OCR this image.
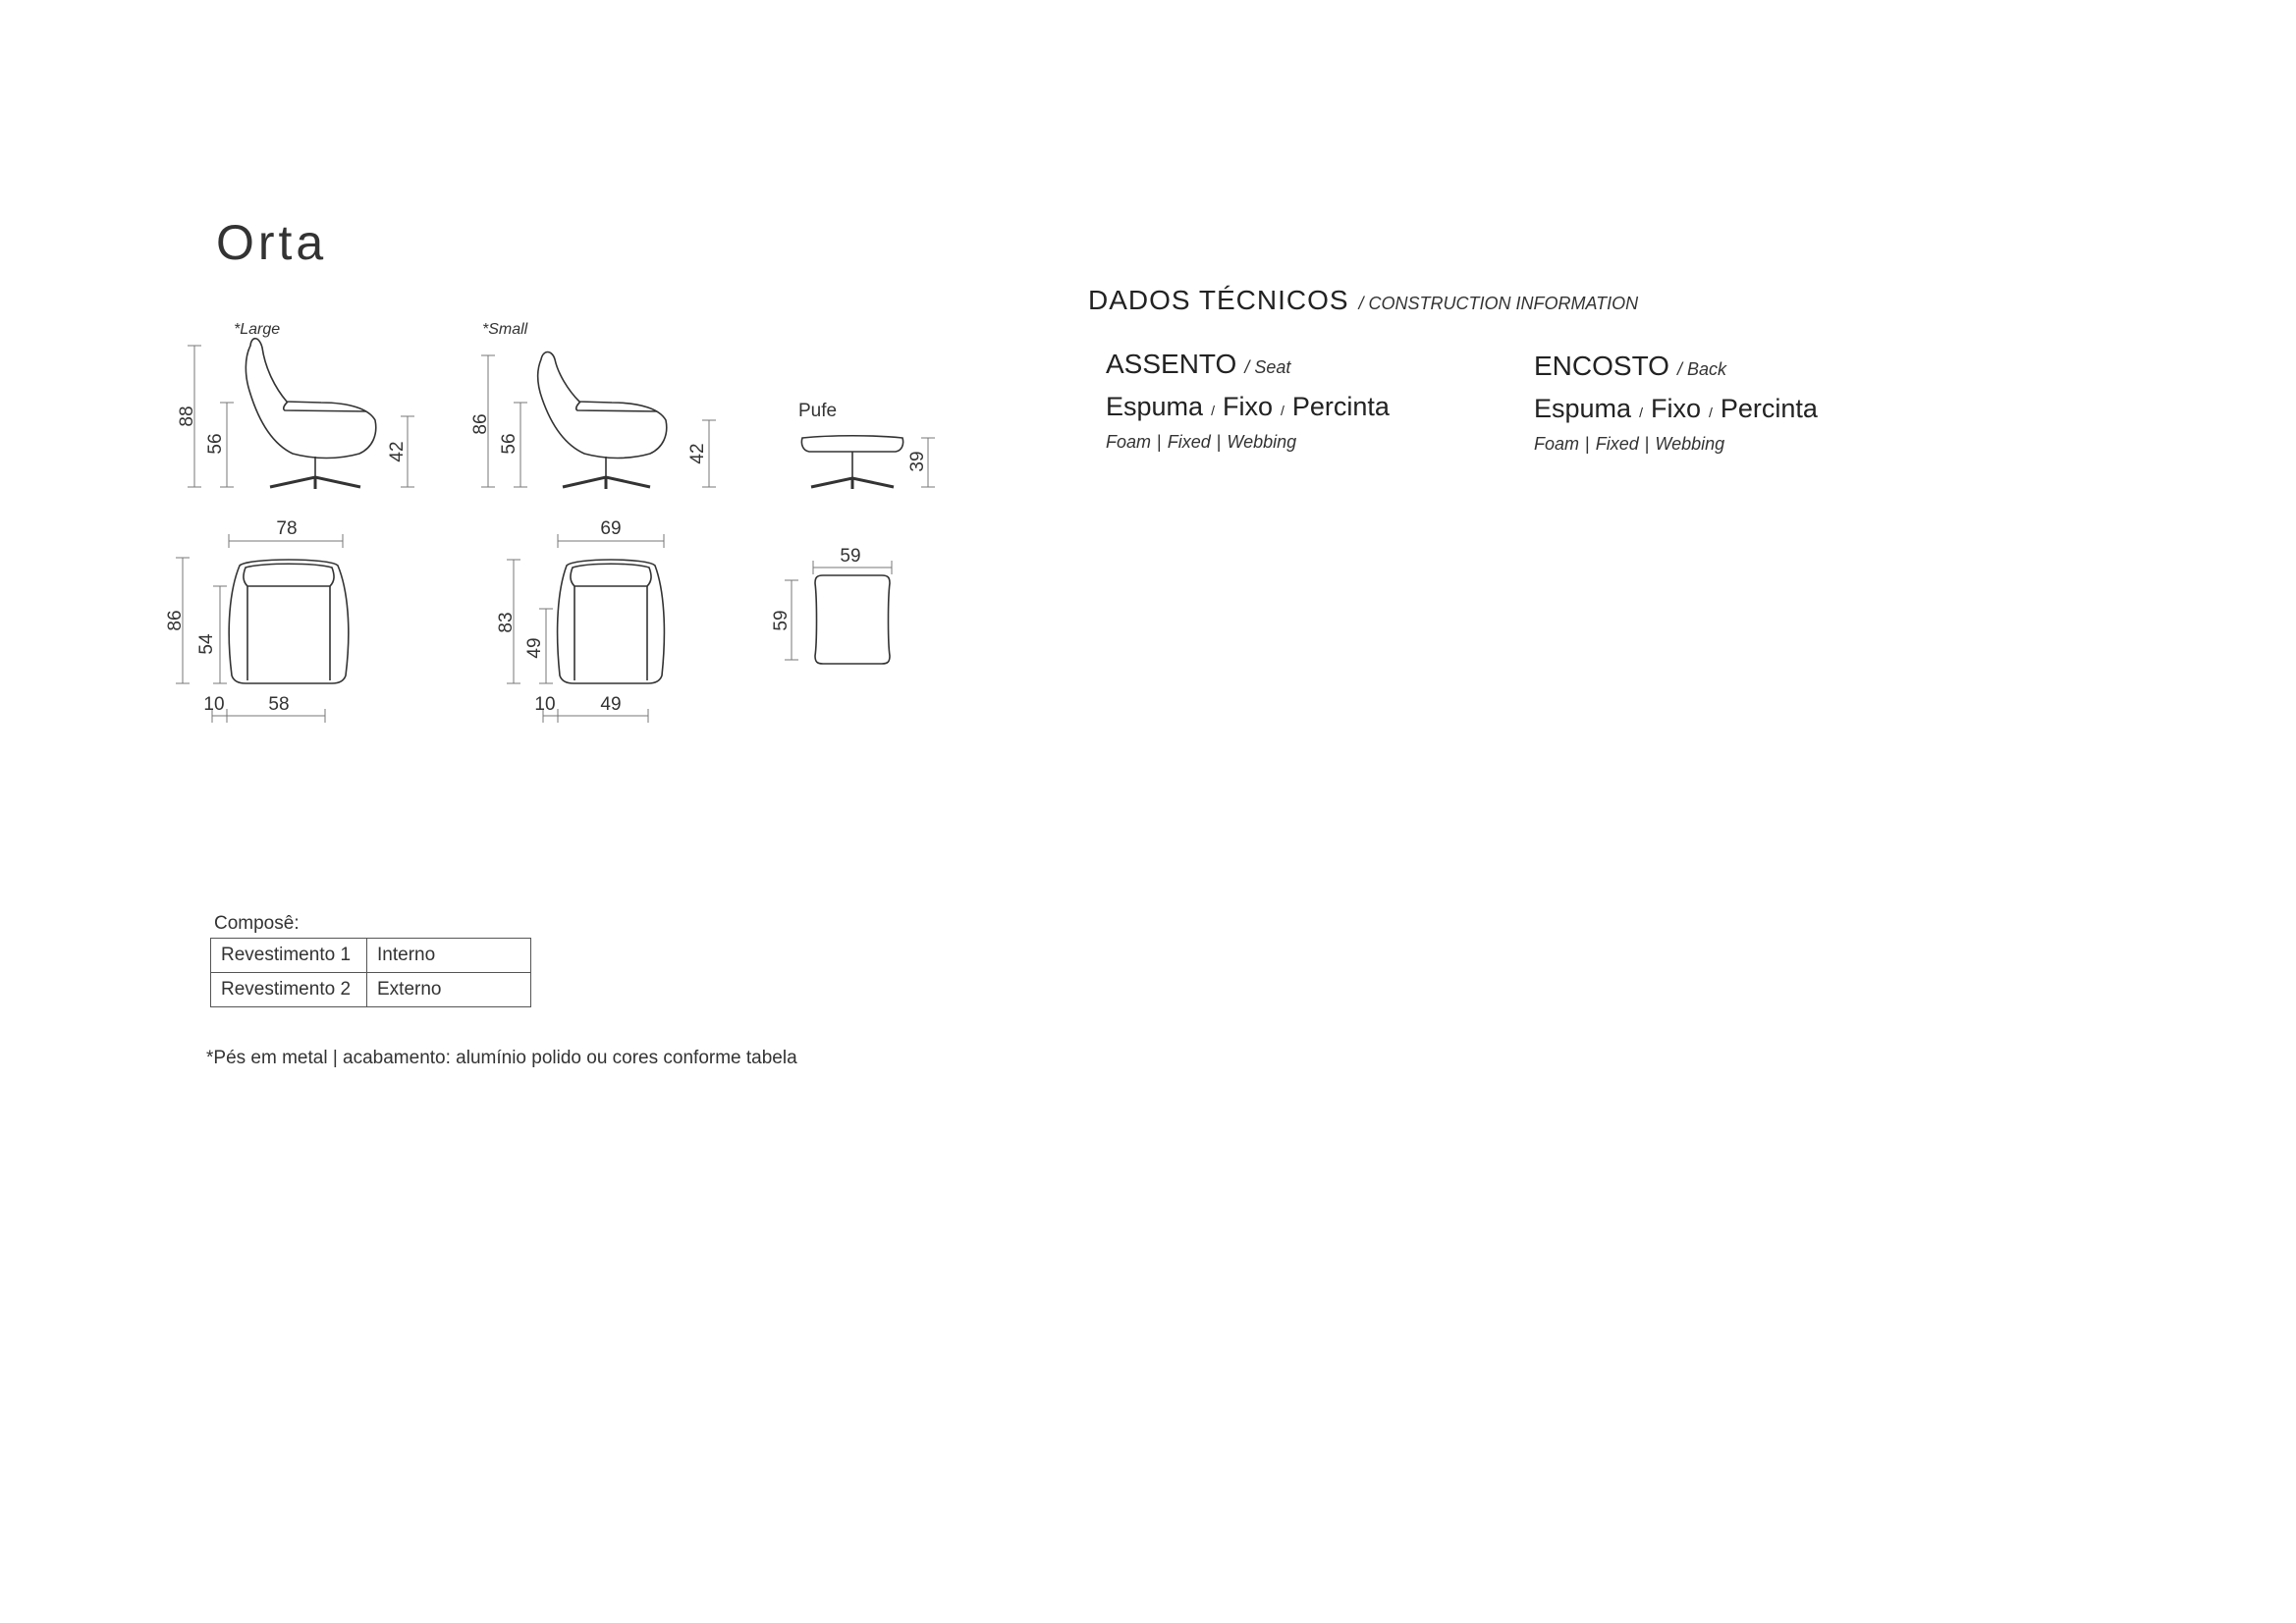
Orta
*Large
88
56	42
*Small
86
56	42
Pufe
39
78
86
54
10 58
69
83
49
10 49
59
59
DADOS TÉCNICOS / CONSTRUCTION INFORMATION
ASSENTO / Seat
Espuma / Fixo / Percinta
Foam | Fixed | Webbing
ENCOSTO / Back
Espuma / Fixo / Percinta
Foam | Fixed | Webbing
Composê:
Revestimento 1	Interno
Revestimento 2	Externo
*Pés em metal | acabamento: alumínio polido ou cores conforme tabela
